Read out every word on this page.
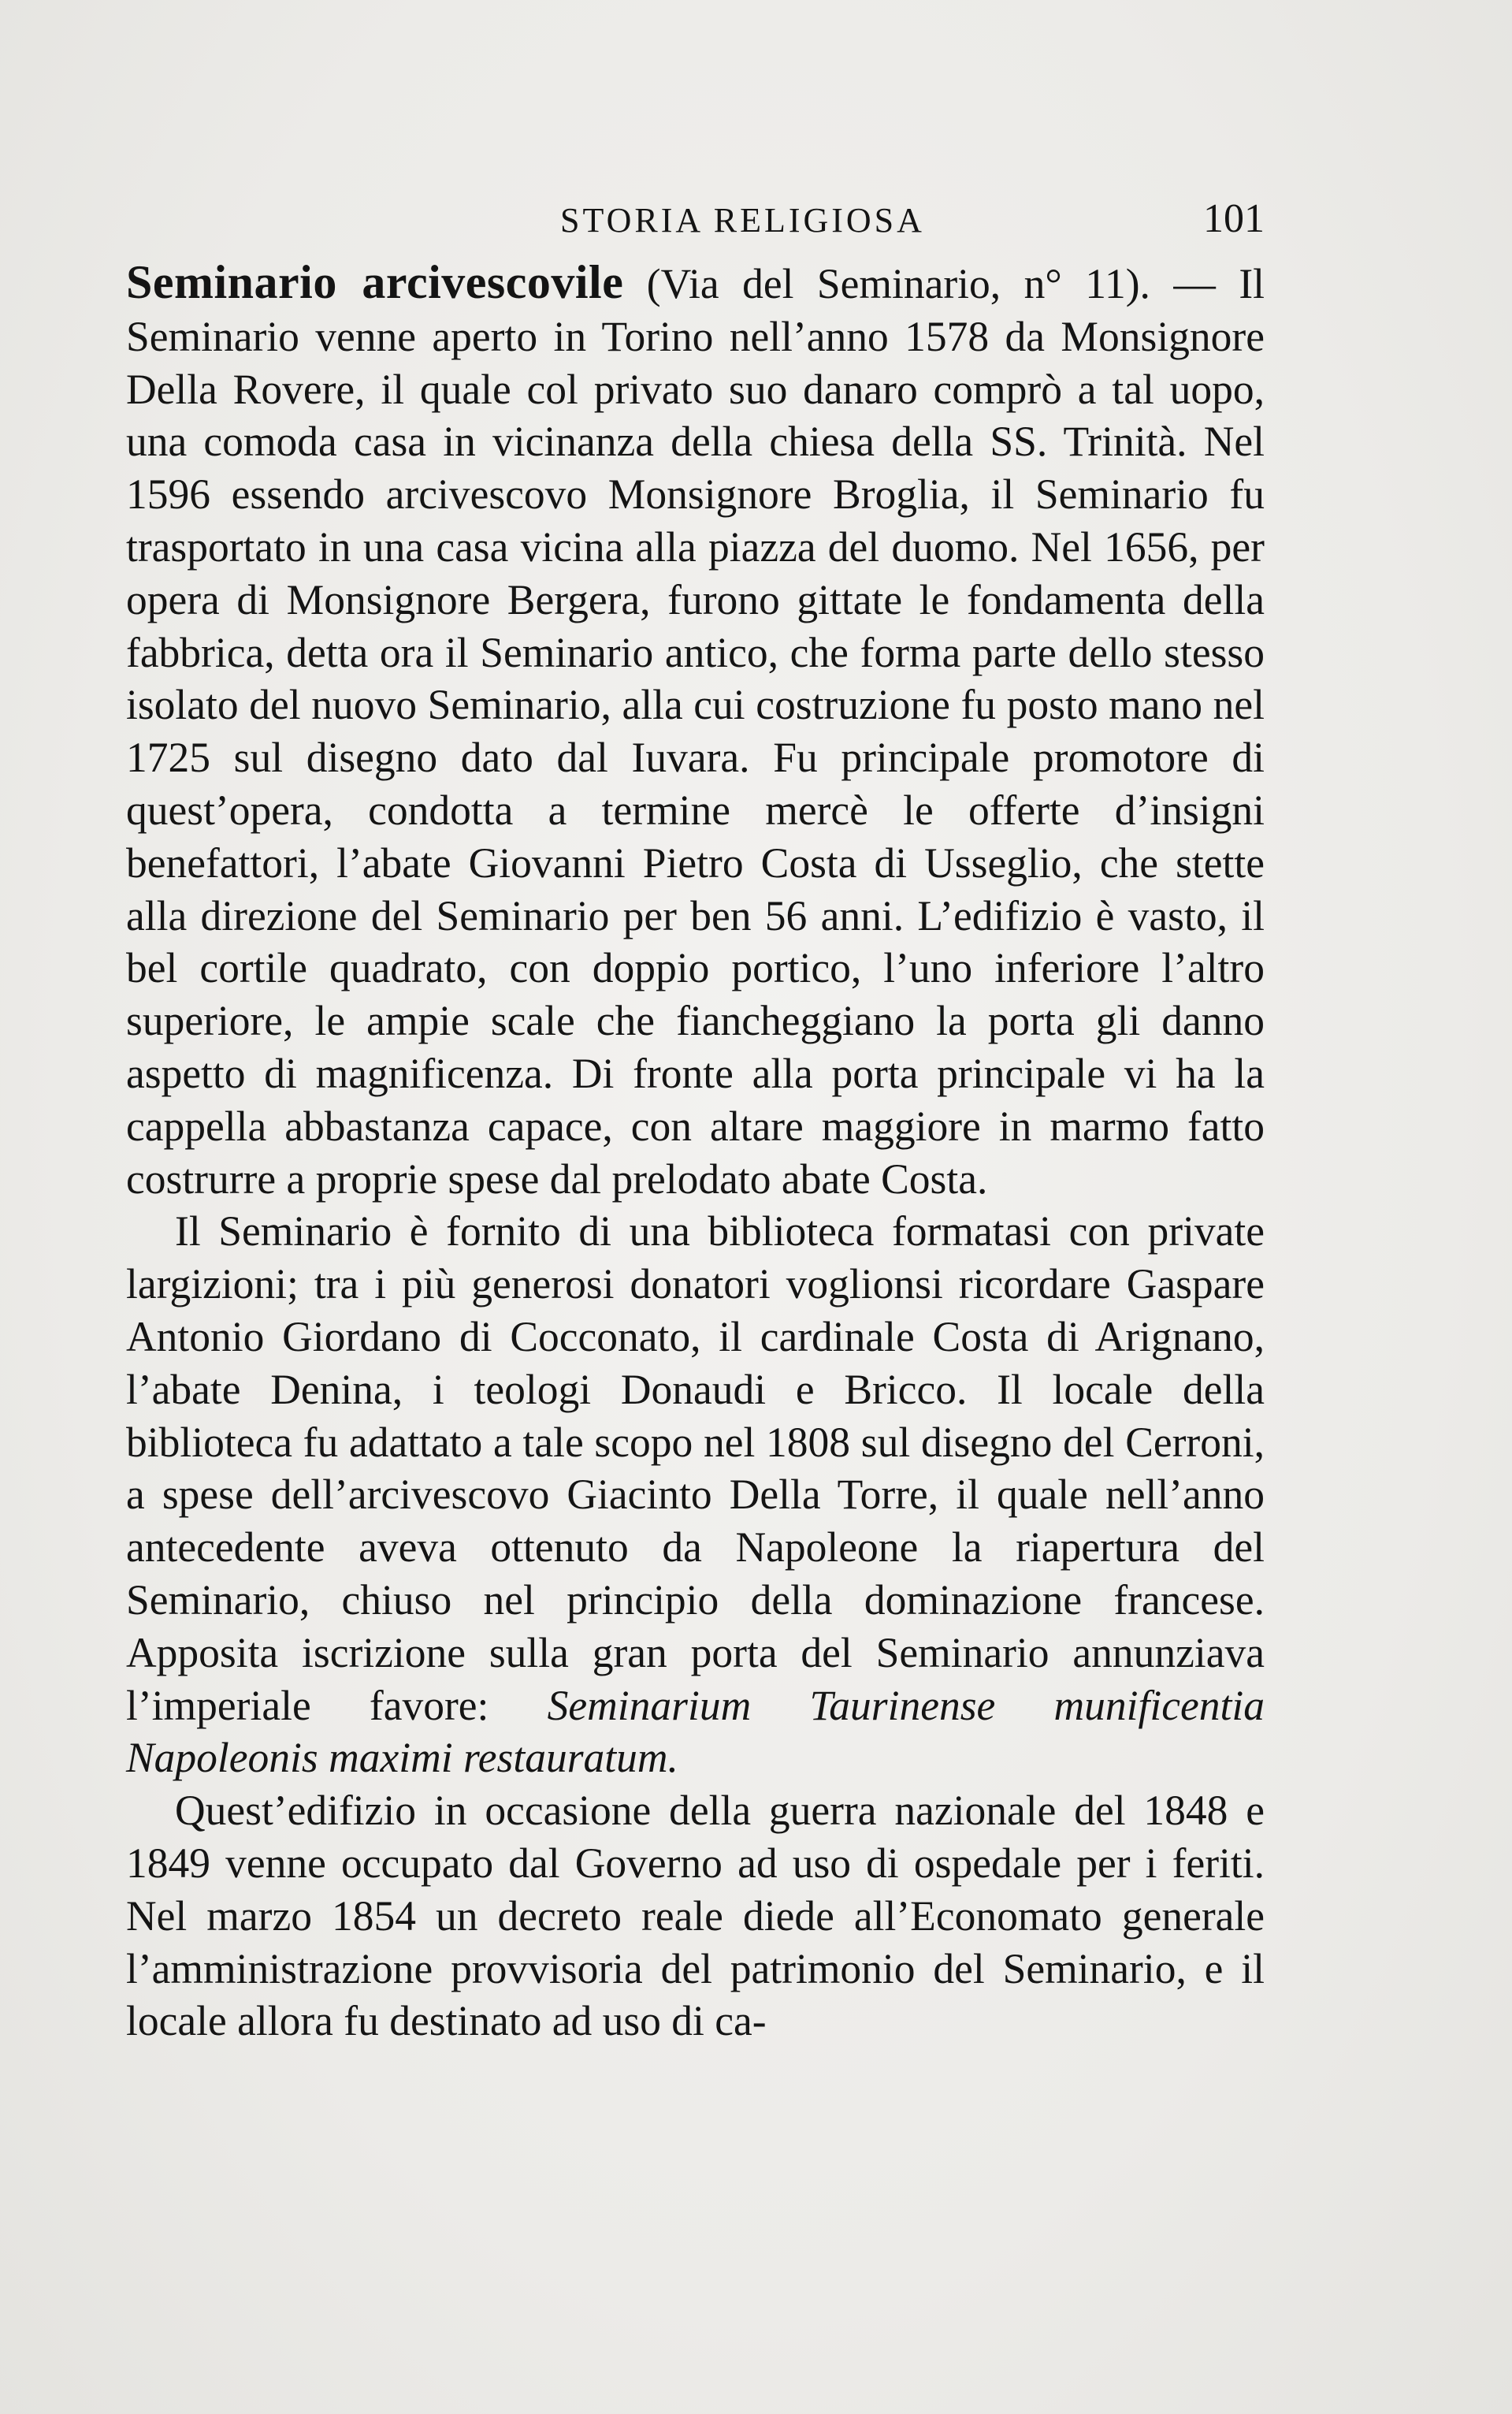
STORIA RELIGIOSA	101

Seminario arcivescovile (Via del Seminario, n° 11). — Il Seminario venne aperto in Torino nell’anno 1578 da Monsignore Della Rovere, il quale col privato suo danaro comprò a tal uopo, una comoda casa in vicinanza della chiesa della SS. Trinità. Nel 1596 essendo arcivescovo Monsignore Broglia, il Seminario fu trasportato in una casa vicina alla piazza del duomo. Nel 1656, per opera di Monsignore Bergera, furono gittate le fondamenta della fabbrica, detta ora il Seminario antico, che forma parte dello stesso isolato del nuovo Seminario, alla cui costruzione fu posto mano nel 1725 sul disegno dato dal Iuvara. Fu principale promotore di quest’opera, condotta a termine mercè le offerte d’insigni benefattori, l’abate Giovanni Pietro Costa di Usseglio, che stette alla direzione del Seminario per ben 56 anni. L’edifizio è vasto, il bel cortile quadrato, con doppio portico, l’uno inferiore l’altro superiore, le ampie scale che fiancheggiano la porta gli danno aspetto di magnificenza. Di fronte alla porta principale vi ha la cappella abbastanza capace, con altare maggiore in marmo fatto costrurre a proprie spese dal prelodato abate Costa.

Il Seminario è fornito di una biblioteca formatasi con private largizioni; tra i più generosi donatori voglionsi ricordare Gaspare Antonio Giordano di Cocconato, il cardinale Costa di Arignano, l’abate Denina, i teologi Donaudi e Bricco. Il locale della biblioteca fu adattato a tale scopo nel 1808 sul disegno del Cerroni, a spese dell’arcivescovo Giacinto Della Torre, il quale nell’anno antecedente aveva ottenuto da Napoleone la riapertura del Seminario, chiuso nel principio della dominazione francese. Apposita iscrizione sulla gran porta del Seminario annunziava l’imperiale favore: Seminarium Taurinense munificentia Napoleonis maximi restauratum.

Quest’edifizio in occasione della guerra nazionale del 1848 e 1849 venne occupato dal Governo ad uso di ospedale per i feriti. Nel marzo 1854 un decreto reale diede all’Economato generale l’amministrazione provvisoria del patrimonio del Seminario, e il locale allora fu destinato ad uso di ca-
